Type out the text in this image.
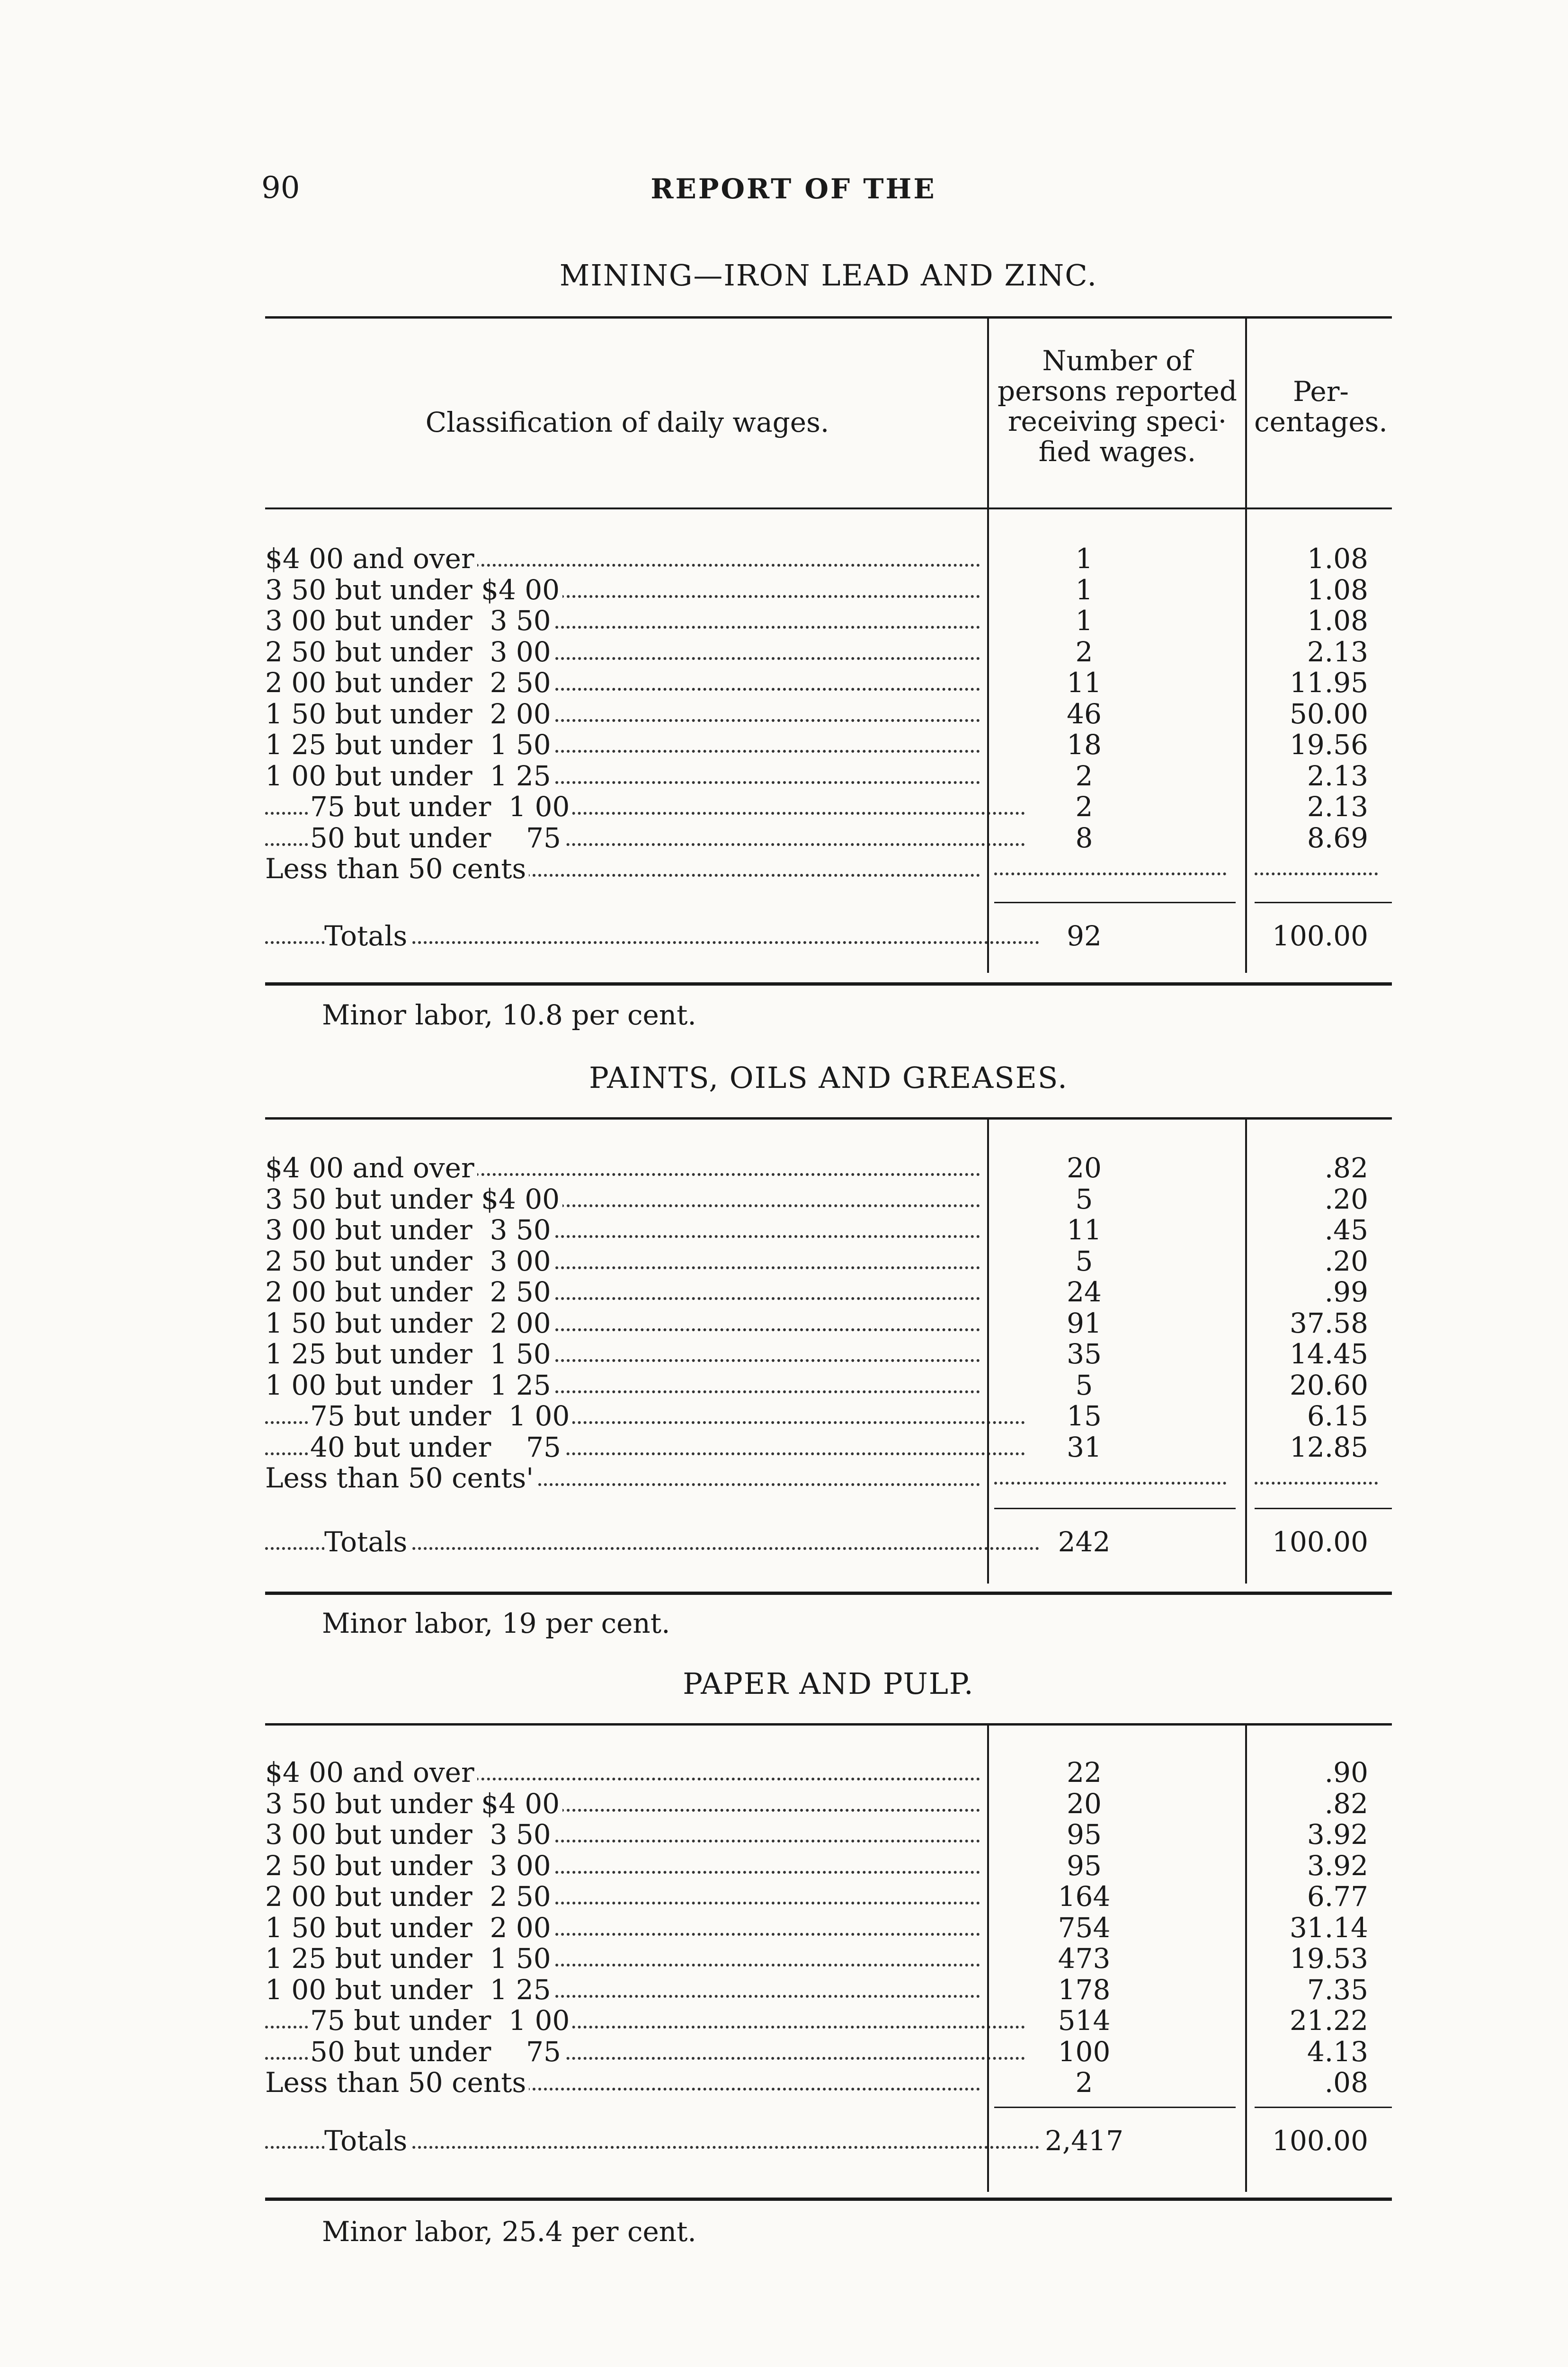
90	REPORT OF THE
MINING—IRON LEAD AND ZINC.
Classification of daily wages.
Number of
persons reported
receiving speci·
fied wages.
Per-
centages.
$4 00 and over	1	1.08
3 50 but under $4 00	1	1.08
3 00 but under  3 50	1	1.08
2 50 but under  3 00	2	2.13
2 00 but under  2 50	11	11.95
1 50 but under  2 00	46	50.00
1 25 but under  1 50	18	19.56
1 00 but under  1 25	2	2.13
75 but under  1 00	2	2.13
50 but under    75	8	8.69
Less than 50 cents
Totals	92	100.00
Minor labor, 10.8 per cent.
PAINTS, OILS AND GREASES.
$4 00 and over	20	.82
3 50 but under $4 00	5	.20
3 00 but under  3 50	11	.45
2 50 but under  3 00	5	.20
2 00 but under  2 50	24	.99
1 50 but under  2 00	91	37.58
1 25 but under  1 50	35	14.45
1 00 but under  1 25	5	20.60
75 but under  1 00	15	6.15
40 but under    75	31	12.85
Less than 50 cents'
Totals	242	100.00
Minor labor, 19 per cent.
PAPER AND PULP.
$4 00 and over	22	.90
3 50 but under $4 00	20	.82
3 00 but under  3 50	95	3.92
2 50 but under  3 00	95	3.92
2 00 but under  2 50	164	6.77
1 50 but under  2 00	754	31.14
1 25 but under  1 50	473	19.53
1 00 but under  1 25	178	7.35
75 but under  1 00	514	21.22
50 but under    75	100	4.13
Less than 50 cents	2	.08
Totals	2,417	100.00
Minor labor, 25.4 per cent.
